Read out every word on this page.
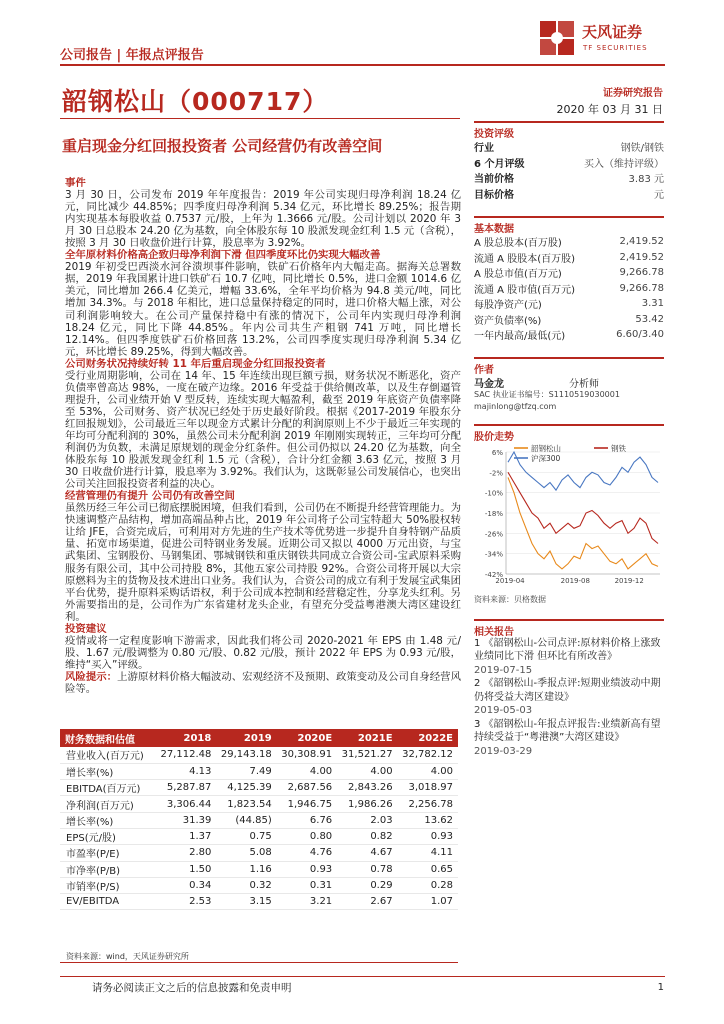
公司报告 | 年报点评报告
天风证券
TF SECURITIES
韶钢松山（000717）
重启现金分红回报投资者 公司经营仍有改善空间
证券研究报告
2020 年 03 月 31 日
事件

3 月 30 日，公司发布 2019 年年度报告：2019 年公司实现归母净利润 18.24 亿元，同比减少 44.85%；四季度归母净利润 5.34 亿元，环比增长 89.25%；报告期内实现基本每股收益 0.7537 元/股，上年为 1.3666 元/股。公司计划以 2020 年 3 月 30 日总股本 24.20 亿为基数，向全体股东每 10 股派发现金红利 1.5 元（含税），按照 3 月 30 日收盘价进行计算，股息率为 3.92%。

全年原材料价格高企致归母净利润下滑 但四季度环比仍实现大幅改善

2019 年初受巴西淡水河谷溃坝事件影响，铁矿石价格年内大幅走高。据海关总署数据，2019 年我国累计进口铁矿石 10.7 亿吨，同比增长 0.5%，进口金额 1014.6 亿美元，同比增加 266.4 亿美元，增幅 33.6%，全年平均价格为 94.8 美元/吨，同比增加 34.3%。与 2018 年相比，进口总量保持稳定的同时，进口价格大幅上涨，对公司利润影响较大。在公司产量保持稳中有涨的情况下，公司年内实现归母净利润 18.24 亿元，同比下降 44.85%。年内公司共生产粗钢 741 万吨，同比增长 12.14%。但四季度铁矿石价格回落 13.2%，公司四季度实现归母净利润 5.34 亿元，环比增长 89.25%，得到大幅改善。

公司财务状况持续好转 11 年后重启现金分红回报投资者

受行业周期影响，公司在 14 年、15 年连续出现巨额亏损，财务状况不断恶化，资产负债率曾高达 98%，一度在破产边缘。2016 年受益于供给侧改革，以及生存倒逼管理提升，公司业绩开始 V 型反转，连续实现大幅盈利，截至 2019 年底资产负债率降至 53%，公司财务、资产状况已经处于历史最好阶段。根据《2017-2019 年股东分红回报规划》，公司最近三年以现金方式累计分配的利润原则上不少于最近三年实现的年均可分配利润的 30%，虽然公司未分配利润 2019 年刚刚实现转正，三年均可分配利润仍为负数，未满足原规划的现金分红条件。但公司仍拟以 24.20 亿为基数，向全体股东每 10 股派发现金红利 1.5 元（含税），合计分红金额 3.63 亿元，按照 3 月 30 日收盘价进行计算，股息率为 3.92%。我们认为，这既彰显公司发展信心，也突出公司关注回报投资者利益的决心。

经营管理仍有提升 公司仍有改善空间

虽然历经三年公司已彻底摆脱困境，但我们看到，公司仍在不断提升经营管理能力。为快速调整产品结构，增加高端品种占比，2019 年公司将子公司宝特超大 50%股权转让给 JFE，合资完成后，可利用对方先进的生产技术等优势进一步提升自身特钢产品质量、拓宽市场渠道，促进公司特钢业务发展。近期公司又拟以 4000 万元出资，与宝武集团、宝钢股份、马钢集团、鄂城钢铁和重庆钢铁共同成立合资公司-宝武原料采购服务有限公司，其中公司持股 8%，其他五家公司持股 92%。合资公司将开展以大宗原燃料为主的货物及技术进出口业务。我们认为，合资公司的成立有利于发展宝武集团平台优势，提升原料采购话语权，利于公司成本控制和经营稳定性，分享龙头红利。另外需要指出的是，公司作为广东省建材龙头企业，有望充分受益粤港澳大湾区建设红利。

投资建议

疫情或将一定程度影响下游需求，因此我们将公司 2020-2021 年 EPS 由 1.48 元/股、1.67 元/股调整为 0.80 元/股、0.82 元/股，预计 2022 年 EPS 为 0.93 元/股，维持“买入”评级。

风险提示：上游原材料价格大幅波动、宏观经济不及预期、政策变动及公司自身经营风险等。

投资评级
行业	钢铁/钢铁
6 个月评级	买入（维持评级）
当前价格	3.83 元
目标价格	元
基本数据
A 股总股本(百万股)	2,419.52
流通 A 股股本(百万股)	2,419.52
A 股总市值(百万元)	9,266.78
流通 A 股市值(百万元)	9,266.78
每股净资产(元)	3.31
资产负债率(%)	53.42
一年内最高/最低(元)	6.60/3.40
作者
马金龙	分析师
SAC 执业证书编号：S1110519030001
majinlong@tfzq.com
股价走势
6%
-2%
-10%
-18%
-26%
-34%
-42%
2019-04	2019-08	2019-12
韶钢松山	钢铁
沪深300
资料来源：贝格数据
相关报告
1 《韶钢松山-公司点评:原材料价格上涨致业绩同比下滑 但环比有所改善》
2019-07-15
2 《韶钢松山-季报点评:短期业绩波动中期仍将受益大湾区建设》
2019-05-03
3 《韶钢松山-年报点评报告:业绩新高有望持续受益于“粤港澳”大湾区建设》
2019-03-29
财务数据和估值	2018	2019	2020E	2021E	2022E
营业收入(百万元)	27,112.48	29,143.18	30,308.91	31,521.27	32,782.12
增长率(%)	4.13	7.49	4.00	4.00	4.00
EBITDA(百万元)	5,287.87	4,125.39	2,687.56	2,843.26	3,018.97
净利润(百万元)	3,306.44	1,823.54	1,946.75	1,986.26	2,256.78
增长率(%)	31.39	(44.85)	6.76	2.03	13.62
EPS(元/股)	1.37	0.75	0.80	0.82	0.93
市盈率(P/E)	2.80	5.08	4.76	4.67	4.11
市净率(P/B)	1.50	1.16	0.93	0.78	0.65
市销率(P/S)	0.34	0.32	0.31	0.29	0.28
EV/EBITDA	2.53	3.15	3.21	2.67	1.07
资料来源：wind，天风证券研究所
请务必阅读正文之后的信息披露和免责申明	1
